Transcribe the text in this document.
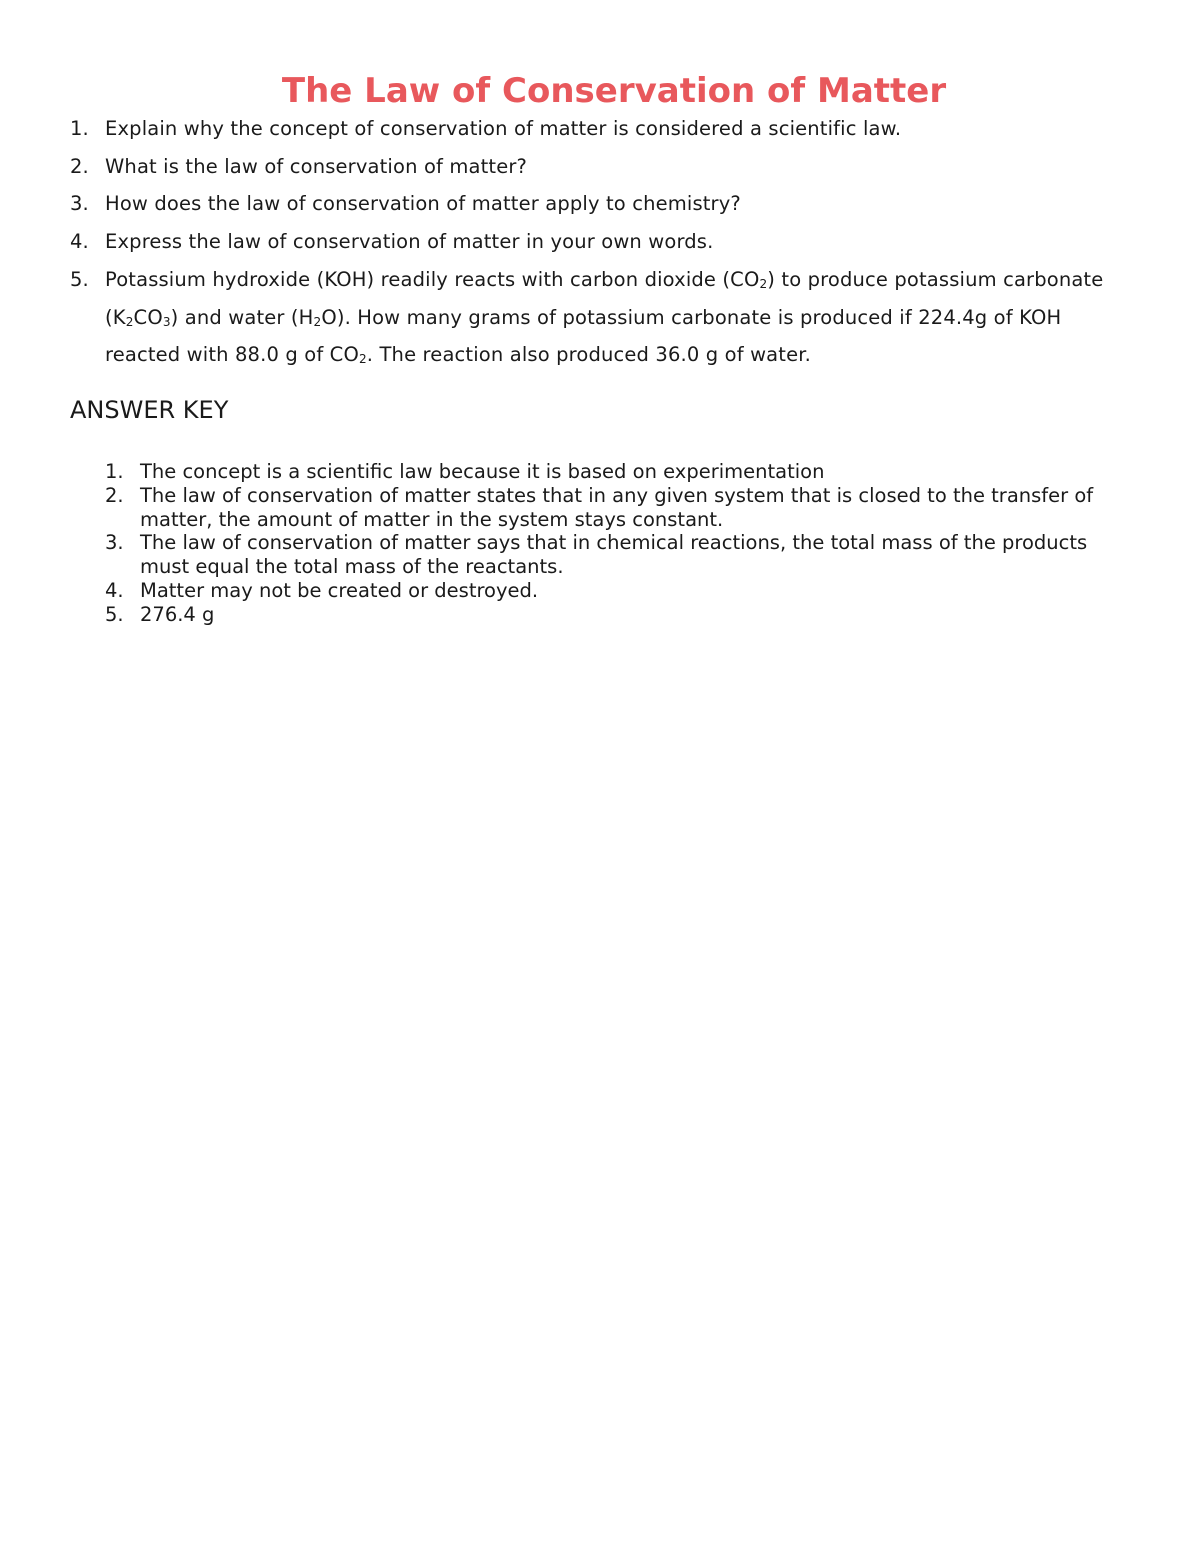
The Law of Conservation of Matter
1. Explain why the concept of conservation of matter is considered a scientific law.
2. What is the law of conservation of matter?
3. How does the law of conservation of matter apply to chemistry?
4. Express the law of conservation of matter in your own words.
5. Potassium hydroxide (KOH) readily reacts with carbon dioxide $(CO_2)$ to produce potassium carbonate $(K_2CO_3)$ and water $(H_2O)$. How many grams of potassium carbonate is produced if 224.4g of KOH reacted with 88.0 g of $CO_2$. The reaction also produced 36.0 g of water.
ANSWER KEY
1. The concept is a scientific law because it is based on experimentation
2. The law of conservation of matter states that in any given system that is closed to the transfer of matter, the amount of matter in the system stays constant.
3. The law of conservation of matter says that in chemical reactions, the total mass of the products must equal the total mass of the reactants.
4. Matter may not be created or destroyed.
5. 276.4 g
